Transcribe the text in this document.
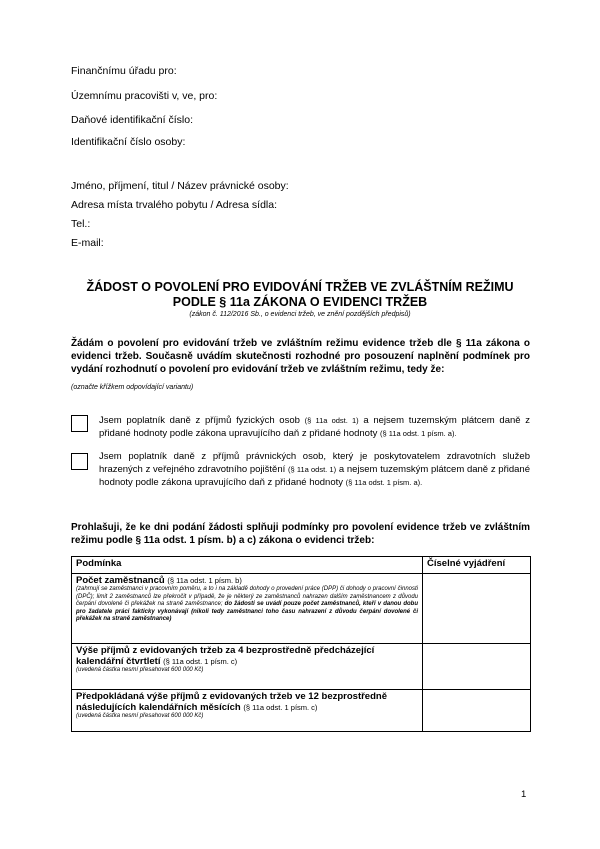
Finančnímu úřadu pro:
Územnímu pracovišti v, ve, pro:
Daňové identifikační číslo:
Identifikační číslo osoby:
Jméno, příjmení, titul / Název právnické osoby:
Adresa místa trvalého pobytu / Adresa sídla:
Tel.:
E-mail:
ŽÁDOST O POVOLENÍ PRO EVIDOVÁNÍ TRŽEB VE ZVLÁŠTNÍM REŽIMU
PODLE § 11a ZÁKONA O EVIDENCI TRŽEB
(zákon č. 112/2016 Sb., o evidenci tržeb, ve znění pozdějších předpisů)
Žádám o povolení pro evidování tržeb ve zvláštním režimu evidence tržeb dle § 11a zákona o evidenci tržeb. Současně uvádím skutečnosti rozhodné pro posouzení naplnění podmínek pro vydání rozhodnutí o povolení pro evidování tržeb ve zvláštním režimu, tedy že:
(označte křížkem odpovídající variantu)
Jsem poplatník daně z příjmů fyzických osob (§ 11a odst. 1) a nejsem tuzemským plátcem daně z přidané hodnoty podle zákona upravujícího daň z přidané hodnoty (§ 11a odst. 1 písm. a).
Jsem poplatník daně z příjmů právnických osob, který je poskytovatelem zdravotních služeb hrazených z veřejného zdravotního pojištění (§ 11a odst. 1) a nejsem tuzemským plátcem daně z přidané hodnoty podle zákona upravujícího daň z přidané hodnoty (§ 11a odst. 1 písm. a).
Prohlašuji, že ke dni podání žádosti splňuji podmínky pro povolení evidence tržeb ve zvláštním režimu podle § 11a odst. 1 písm. b) a c) zákona o evidenci tržeb:
Podmínka	Číselné vyjádření

Počet zaměstnanců (§ 11a odst. 1 písm. b)
(zahrnují se zaměstnanci v pracovním poměru, a to i na základě dohody o provedení práce (DPP) či dohody o pracovní činnosti (DPČ); limit 2 zaměstnanců lze překročit v případě, že je některý ze zaměstnanců nahrazen dalším zaměstnancem z důvodu čerpání dovolené či překážek na straně zaměstnance; do žádosti se uvádí pouze počet zaměstnanců, kteří v danou dobu pro žadatele práci fakticky vykonávají (nikoli tedy zaměstnanci toho času nahrazení z důvodu čerpání dovolené či překážek na straně zaměstnance)	

Výše příjmů z evidovaných tržeb za 4 bezprostředně předcházející kalendářní čtvrtletí (§ 11a odst. 1 písm. c)
(uvedená částka nesmí přesahovat 600 000 Kč)	

Předpokládaná výše příjmů z evidovaných tržeb ve 12 bezprostředně následujících kalendářních měsících (§ 11a odst. 1 písm. c)
(uvedená částka nesmí přesahovat 600 000 Kč)	

1
